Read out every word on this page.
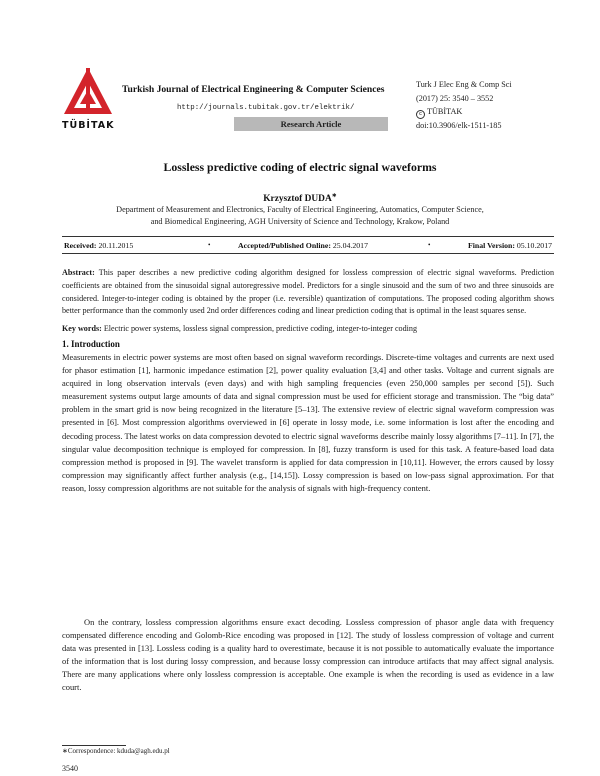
TÜBİTAK
Turkish Journal of Electrical Engineering & Computer Sciences
http://journals.tubitak.gov.tr/elektrik/
Research Article
Turk J Elec Eng & Comp Sci
(2017) 25: 3540 – 3552
c TÜBİTAK
doi:10.3906/elk-1511-185
Lossless predictive coding of electric signal waveforms
Krzysztof DUDA∗
Department of Measurement and Electronics, Faculty of Electrical Engineering, Automatics, Computer Science,
and Biomedical Engineering, AGH University of Science and Technology, Krakow, Poland
Received: 20.11.2015	•	Accepted/Published Online: 25.04.2017	•	Final Version: 05.10.2017
Abstract: This paper describes a new predictive coding algorithm designed for lossless compression of electric signal waveforms. Prediction coefficients are obtained from the sinusoidal signal autoregressive model. Predictors for a single sinusoid and the sum of two and three sinusoids are considered. Integer-to-integer coding is obtained by the proper (i.e. reversible) quantization of computations. The proposed coding algorithm shows better performance than the commonly used 2nd order differences coding and linear prediction coding that is optimal in the least squares sense.
Key words: Electric power systems, lossless signal compression, predictive coding, integer-to-integer coding
1. Introduction
Measurements in electric power systems are most often based on signal waveform recordings. Discrete-time voltages and currents are next used for phasor estimation [1], harmonic impedance estimation [2], power quality evaluation [3,4] and other tasks. Voltage and current signals are acquired in long observation intervals (even days) and with high sampling frequencies (even 250,000 samples per second [5]). Such measurement systems output large amounts of data and signal compression must be used for efficient storage and transmission. The “big data” problem in the smart grid is now being recognized in the literature [5–13]. The extensive review of electric signal waveform compression was presented in [6]. Most compression algorithms overviewed in [6] operate in lossy mode, i.e. some information is lost after the encoding and decoding process. The latest works on data compression devoted to electric signal waveforms describe mainly lossy algorithms [7–11]. In [7], the singular value decomposition technique is employed for compression. In [8], fuzzy transform is used for this task. A feature-based load data compression method is proposed in [9]. The wavelet transform is applied for data compression in [10,11]. However, the errors caused by lossy compression may significantly affect further analysis (e.g., [14,15]). Lossy compression is based on low-pass signal approximation. For that reason, lossy compression algorithms are not suitable for the analysis of signals with high-frequency content.
On the contrary, lossless compression algorithms ensure exact decoding. Lossless compression of phasor angle data with frequency compensated difference encoding and Golomb-Rice encoding was proposed in [12]. The study of lossless compression of voltage and current data was presented in [13]. Lossless coding is a quality hard to overestimate, because it is not possible to automatically evaluate the importance of the information that is lost during lossy compression, and because lossy compression can introduce artifacts that may affect signal analysis. There are many applications where only lossless compression is acceptable. One example is when the recording is used as evidence in a law court.
∗Correspondence: kduda@agh.edu.pl
3540
